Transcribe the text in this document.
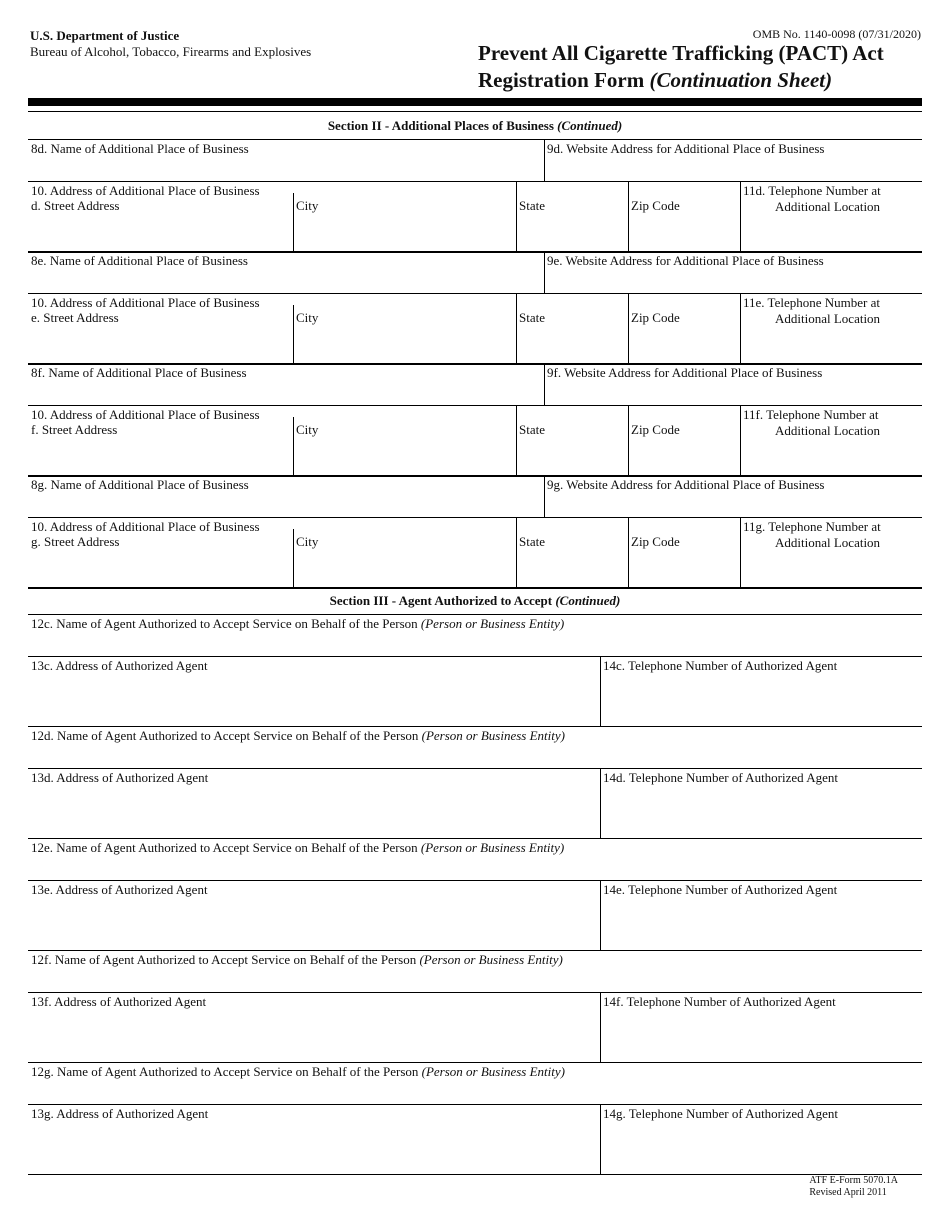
U.S. Department of Justice
Bureau of Alcohol, Tobacco, Firearms and Explosives
OMB No. 1140-0098 (07/31/2020)
Prevent All Cigarette Trafficking (PACT) Act
Registration Form (Continuation Sheet)
Section II - Additional Places of Business (Continued)
8d. Name of Additional Place of Business	9d. Website Address for Additional Place of Business
10. Address of Additional Place of Business
d. Street Address	City	State	Zip Code
11d. Telephone Number at
Additional Location
8e. Name of Additional Place of Business	9e. Website Address for Additional Place of Business
10. Address of Additional Place of Business
e. Street Address	City	State	Zip Code
11e. Telephone Number at
Additional Location
8f. Name of Additional Place of Business	9f. Website Address for Additional Place of Business
10. Address of Additional Place of Business
f. Street Address	City	State	Zip Code
11f. Telephone Number at
Additional Location
8g. Name of Additional Place of Business	9g. Website Address for Additional Place of Business
10. Address of Additional Place of Business
g. Street Address	City	State	Zip Code
11g. Telephone Number at
Additional Location
Section III - Agent Authorized to Accept (Continued)
12c. Name of Agent Authorized to Accept Service on Behalf of the Person (Person or Business Entity)
13c. Address of Authorized Agent	14c. Telephone Number of Authorized Agent
12d. Name of Agent Authorized to Accept Service on Behalf of the Person (Person or Business Entity)
13d. Address of Authorized Agent	14d. Telephone Number of Authorized Agent
12e. Name of Agent Authorized to Accept Service on Behalf of the Person (Person or Business Entity)
13e. Address of Authorized Agent	14e. Telephone Number of Authorized Agent
12f. Name of Agent Authorized to Accept Service on Behalf of the Person (Person or Business Entity)
13f. Address of Authorized Agent	14f. Telephone Number of Authorized Agent
12g. Name of Agent Authorized to Accept Service on Behalf of the Person (Person or Business Entity)
13g. Address of Authorized Agent	14g. Telephone Number of Authorized Agent
ATF E-Form 5070.1A
Revised April 2011
